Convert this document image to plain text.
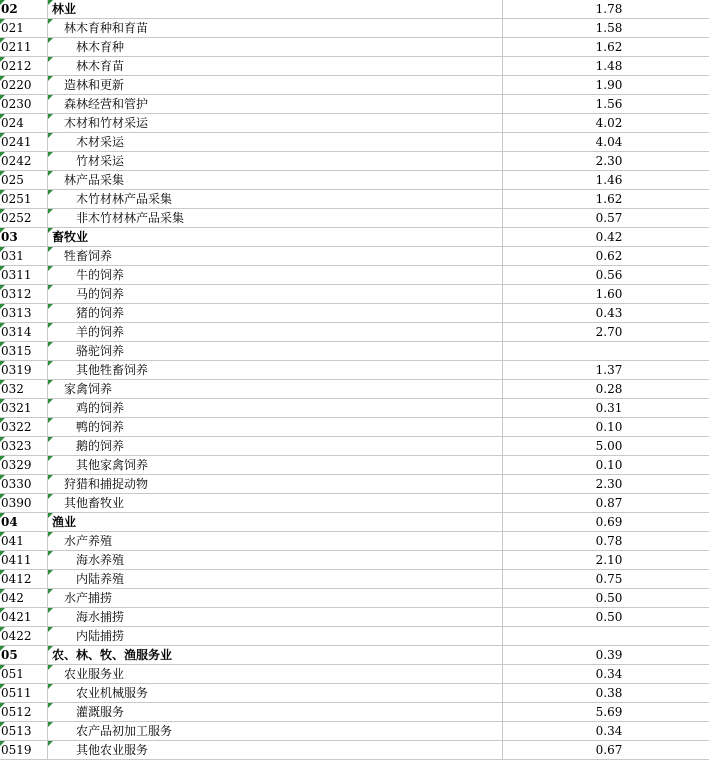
02	林业	1.78
021	林木育种和育苗	1.58
0211	林木育种	1.62
0212	林木育苗	1.48
0220	造林和更新	1.90
0230	森林经营和管护	1.56
024	木材和竹材采运	4.02
0241	木材采运	4.04
0242	竹材采运	2.30
025	林产品采集	1.46
0251	木竹材林产品采集	1.62
0252	非木竹材林产品采集	0.57
03	畜牧业	0.42
031	牲畜饲养	0.62
0311	牛的饲养	0.56
0312	马的饲养	1.60
0313	猪的饲养	0.43
0314	羊的饲养	2.70
0315	骆驼饲养
0319	其他牲畜饲养	1.37
032	家禽饲养	0.28
0321	鸡的饲养	0.31
0322	鸭的饲养	0.10
0323	鹅的饲养	5.00
0329	其他家禽饲养	0.10
0330	狩猎和捕捉动物	2.30
0390	其他畜牧业	0.87
04	渔业	0.69
041	水产养殖	0.78
0411	海水养殖	2.10
0412	内陆养殖	0.75
042	水产捕捞	0.50
0421	海水捕捞	0.50
0422	内陆捕捞
05	农、林、牧、渔服务业	0.39
051	农业服务业	0.34
0511	农业机械服务	0.38
0512	灌溉服务	5.69
0513	农产品初加工服务	0.34
0519	其他农业服务	0.67
